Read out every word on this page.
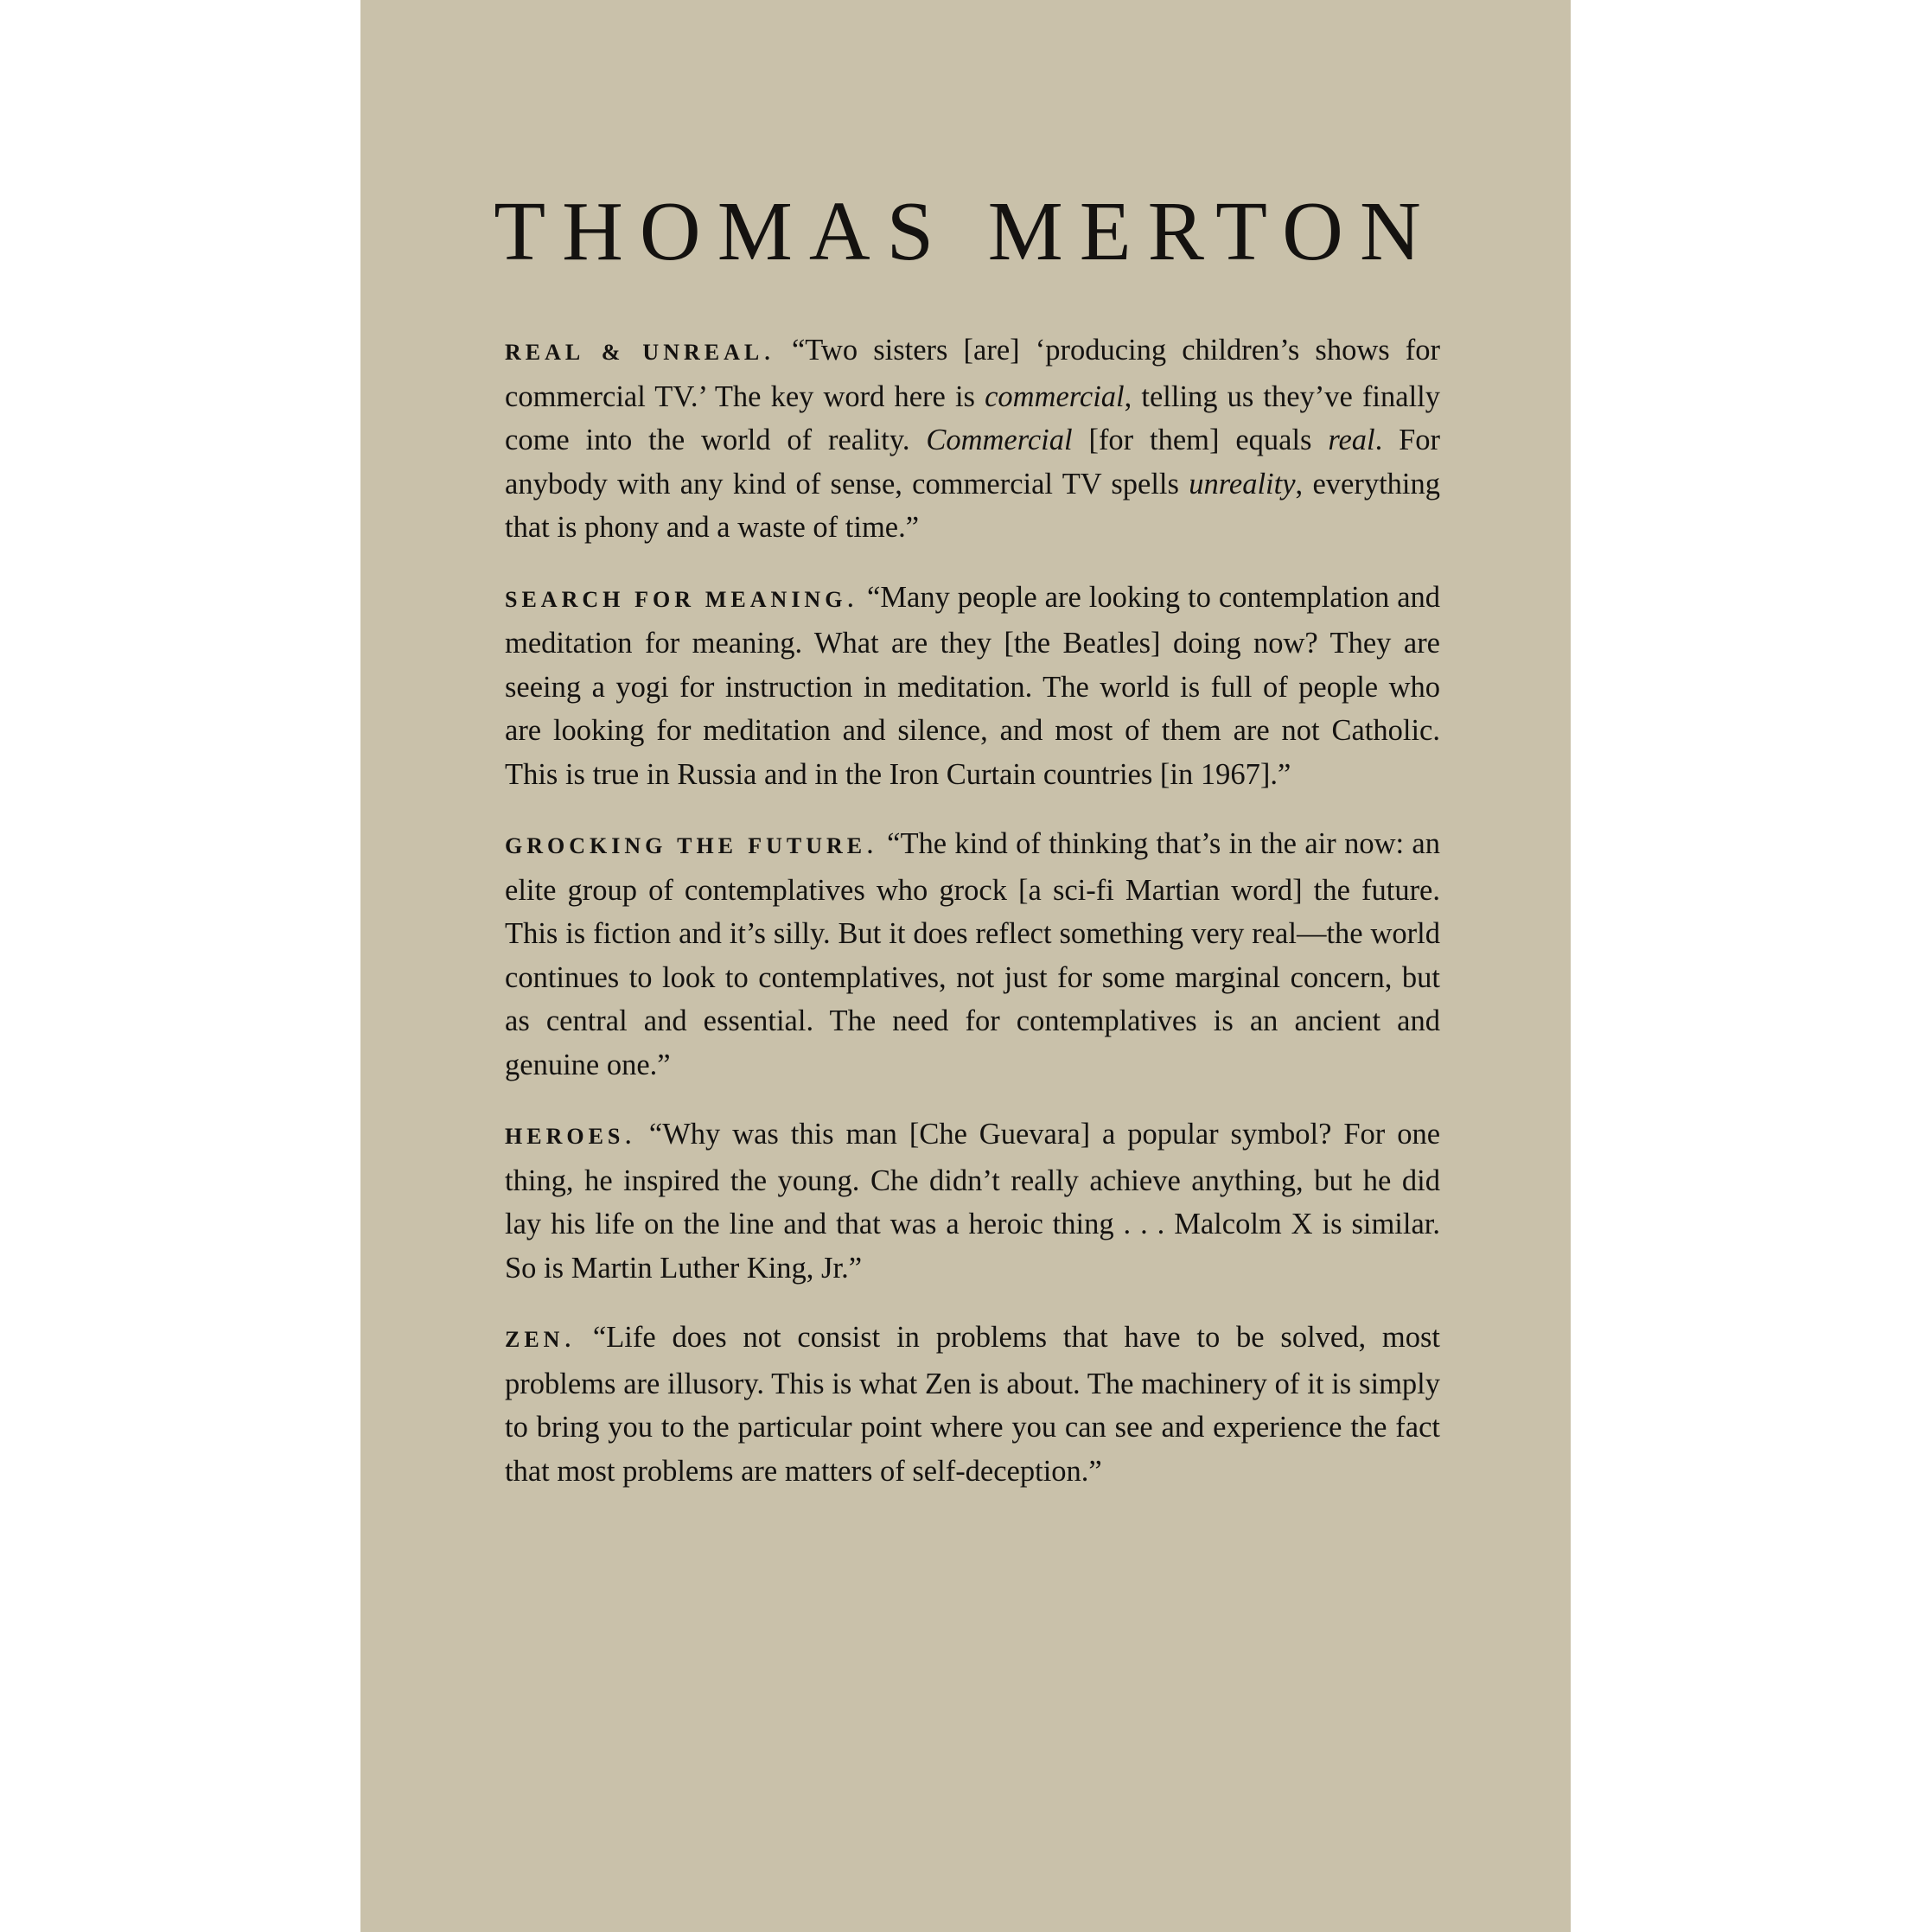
THOMAS MERTON

REAL & UNREAL. “Two sisters [are] ‘producing children’s shows for commercial TV.’ The key word here is commercial, telling us they’ve finally come into the world of reality. Commercial [for them] equals real. For anybody with any kind of sense, commercial TV spells unreality, everything that is phony and a waste of time.”

SEARCH FOR MEANING. “Many people are looking to contemplation and meditation for meaning. What are they [the Beatles] doing now? They are seeing a yogi for instruction in meditation. The world is full of people who are looking for meditation and silence, and most of them are not Catholic. This is true in Russia and in the Iron Curtain countries [in 1967].”

GROCKING THE FUTURE. “The kind of thinking that’s in the air now: an elite group of contemplatives who grock [a sci-fi Martian word] the future. This is fiction and it’s silly. But it does reflect something very real—the world continues to look to contemplatives, not just for some marginal concern, but as central and essential. The need for contemplatives is an ancient and genuine one.”

HEROES. “Why was this man [Che Guevara] a popular symbol? For one thing, he inspired the young. Che didn’t really achieve anything, but he did lay his life on the line and that was a heroic thing . . . Malcolm X is similar. So is Martin Luther King, Jr.”

ZEN. “Life does not consist in problems that have to be solved, most problems are illusory. This is what Zen is about. The machinery of it is simply to bring you to the particular point where you can see and experience the fact that most problems are matters of self-deception.”
